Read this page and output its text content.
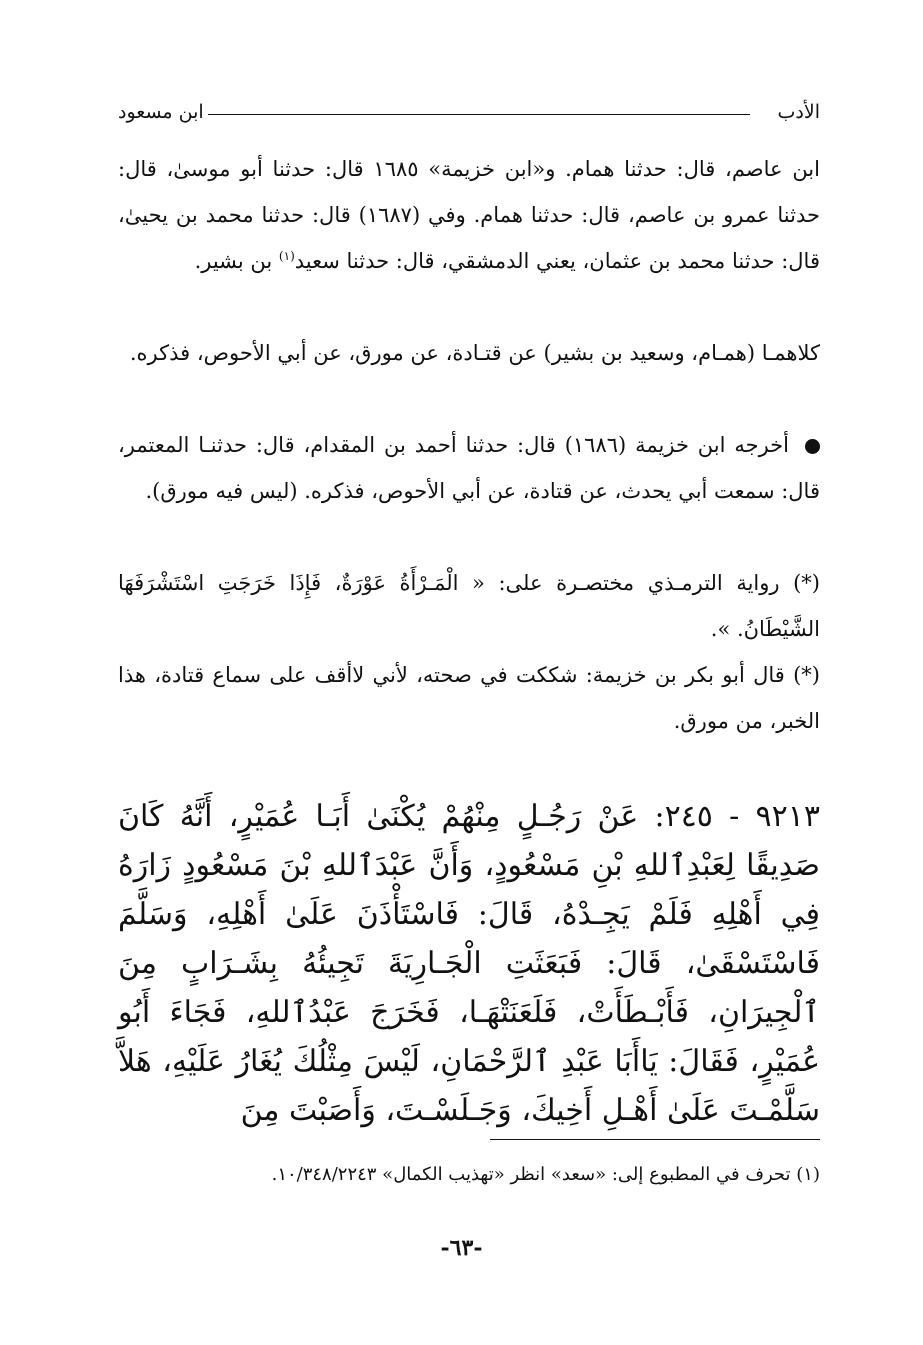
الأدب
ابن مسعود

ابن عاصم، قال: حدثنا همام. و«ابن خزيمة» ١٦٨٥ قال: حدثنا أبو موسىٰ، قال: حدثنا عمرو بن عاصم، قال: حدثنا همام. وفي (١٦٨٧) قال: حدثنا محمد بن يحيىٰ، قال: حدثنا محمد بن عثمان، يعني الدمشقي، قال: حدثنا سعيد$^{(١)}$ بن بشير.

كلاهمـا (همـام، وسعيد بن بشير) عن قتـادة، عن مورق، عن أبي الأحوص، فذكره.

أخرجه ابن خزيمة (١٦٨٦) قال: حدثنا أحمد بن المقدام، قال: حدثنـا المعتمر، قال: سمعت أبي يحدث، عن قتادة، عن أبي الأحوص، فذكره. (ليس فيه مورق).

(*) رواية الترمـذي مختصـرة على: « الْمَـرْأَةُ عَوْرَةٌ، فَإِذَا خَرَجَتِ اسْتَشْرَفَهَا الشَّيْطَانُ. ».

(*) قال أبو بكر بن خزيمة: شككت في صحته، لأني لاأقف على سماع قتادة، هذا الخبر، من مورق.

٩٢١٣ - ٢٤٥: عَنْ رَجُـلٍ مِنْهُمْ يُكْنَىٰ أَبَـا عُمَيْرٍ، أَنَّهُ كَانَ صَدِيقًا لِعَبْدِٱللهِ بْنِ مَسْعُودٍ، وَأَنَّ عَبْدَٱللهِ بْنَ مَسْعُودٍ زَارَهُ فِي أَهْلِهِ فَلَمْ يَجِـدْهُ، قَالَ: فَاسْتَأْذَنَ عَلَىٰ أَهْلِهِ، وَسَلَّمَ فَاسْتَسْقَىٰ، قَالَ: فَبَعَثَتِ الْجَـارِيَةَ تَجِيئُهُ بِشَـرَابٍ مِنَ ٱلْجِيرَانِ، فَأَبْـطَأَتْ، فَلَعَنَتْهَـا، فَخَرَجَ عَبْدُٱللهِ، فَجَاءَ أَبُو عُمَيْرٍ، فَقَالَ: يَاأَبَا عَبْدِ ٱلرَّحْمَانِ، لَيْسَ مِثْلُكَ يُغَارُ عَلَيْهِ، هَلاَّ سَلَّمْـتَ عَلَىٰ أَهْـلِ أَخِيكَ، وَجَـلَسْـتَ، وَأَصَبْتَ مِنَ

(١) تحرف في المطبوع إلى: «سعد» انظر «تهذيب الكمال» ١٠/٣٤٨/٢٢٤٣.

-٦٣-
